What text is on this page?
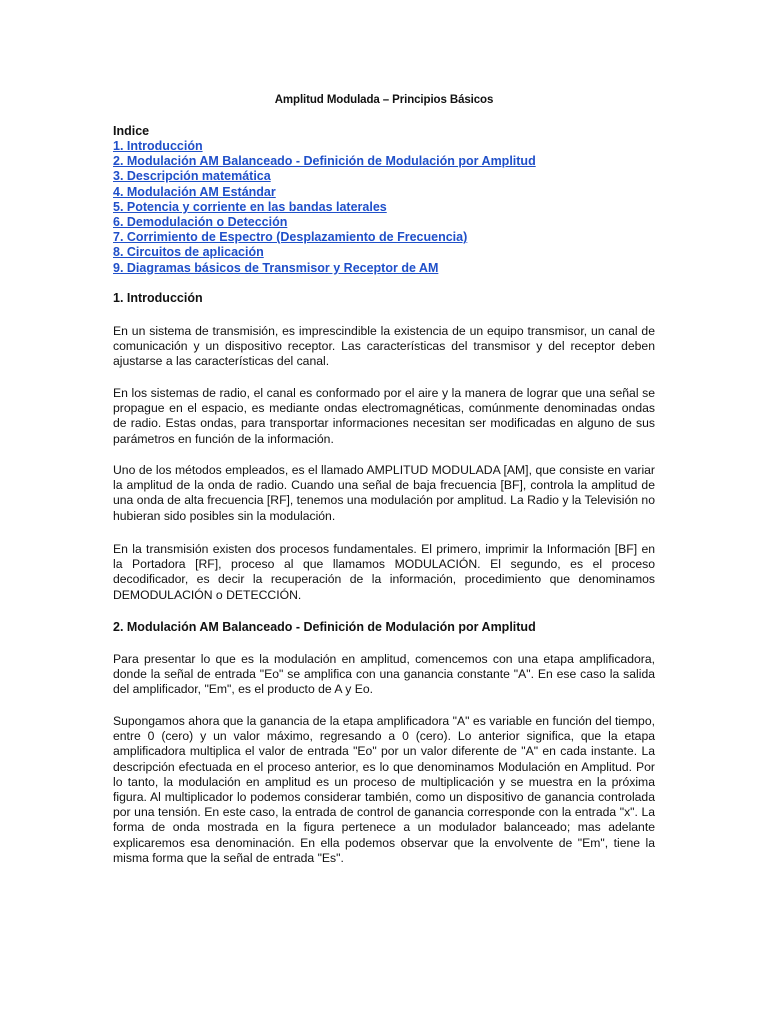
Amplitud Modulada – Principios Básicos
Indice
1. Introducción
2. Modulación AM Balanceado - Definición de Modulación por Amplitud
3. Descripción matemática
4. Modulación AM Estándar
5. Potencia y corriente en las bandas laterales
6. Demodulación o Detección
7. Corrimiento de Espectro (Desplazamiento de Frecuencia)
8. Circuitos de aplicación
9. Diagramas básicos de Transmisor y Receptor de AM
1. Introducción

En un sistema de transmisión, es imprescindible la existencia de un equipo transmisor, un canal de comunicación y un dispositivo receptor. Las características del transmisor y del receptor deben ajustarse a las características del canal.

En los sistemas de radio, el canal es conformado por el aire y la manera de lograr que una señal se propague en el espacio, es mediante ondas electromagnéticas, comúnmente denominadas ondas de radio. Estas ondas, para transportar informaciones necesitan ser modificadas en alguno de sus parámetros en función de la información.

Uno de los métodos empleados, es el llamado AMPLITUD MODULADA [AM], que consiste en variar la amplitud de la onda de radio. Cuando una señal de baja frecuencia [BF], controla la amplitud de una onda de alta frecuencia [RF], tenemos una modulación por amplitud. La Radio y la Televisión no hubieran sido posibles sin la modulación.

En la transmisión existen dos procesos fundamentales. El primero, imprimir la Información [BF] en la Portadora [RF], proceso al que llamamos MODULACIÓN. El segundo, es el proceso decodificador, es decir la recuperación de la información, procedimiento que denominamos DEMODULACIÓN o DETECCIÓN.

2. Modulación AM Balanceado - Definición de Modulación por Amplitud

Para presentar lo que es la modulación en amplitud, comencemos con una etapa amplificadora, donde la señal de entrada "Eo" se amplifica con una ganancia constante "A". En ese caso la salida del amplificador, "Em", es el producto de A y Eo.

Supongamos ahora que la ganancia de la etapa amplificadora "A" es variable en función del tiempo, entre 0 (cero) y un valor máximo, regresando a 0 (cero). Lo anterior significa, que la etapa amplificadora multiplica el valor de entrada "Eo" por un valor diferente de "A" en cada instante. La descripción efectuada en el proceso anterior, es lo que denominamos Modulación en Amplitud. Por lo tanto, la modulación en amplitud es un proceso de multiplicación y se muestra en la próxima figura. Al multiplicador lo podemos considerar también, como un dispositivo de ganancia controlada por una tensión. En este caso, la entrada de control de ganancia corresponde con la entrada "x". La forma de onda mostrada en la figura pertenece a un modulador balanceado; mas adelante explicaremos esa denominación. En ella podemos observar que la envolvente de "Em", tiene la misma forma que la señal de entrada "Es".
